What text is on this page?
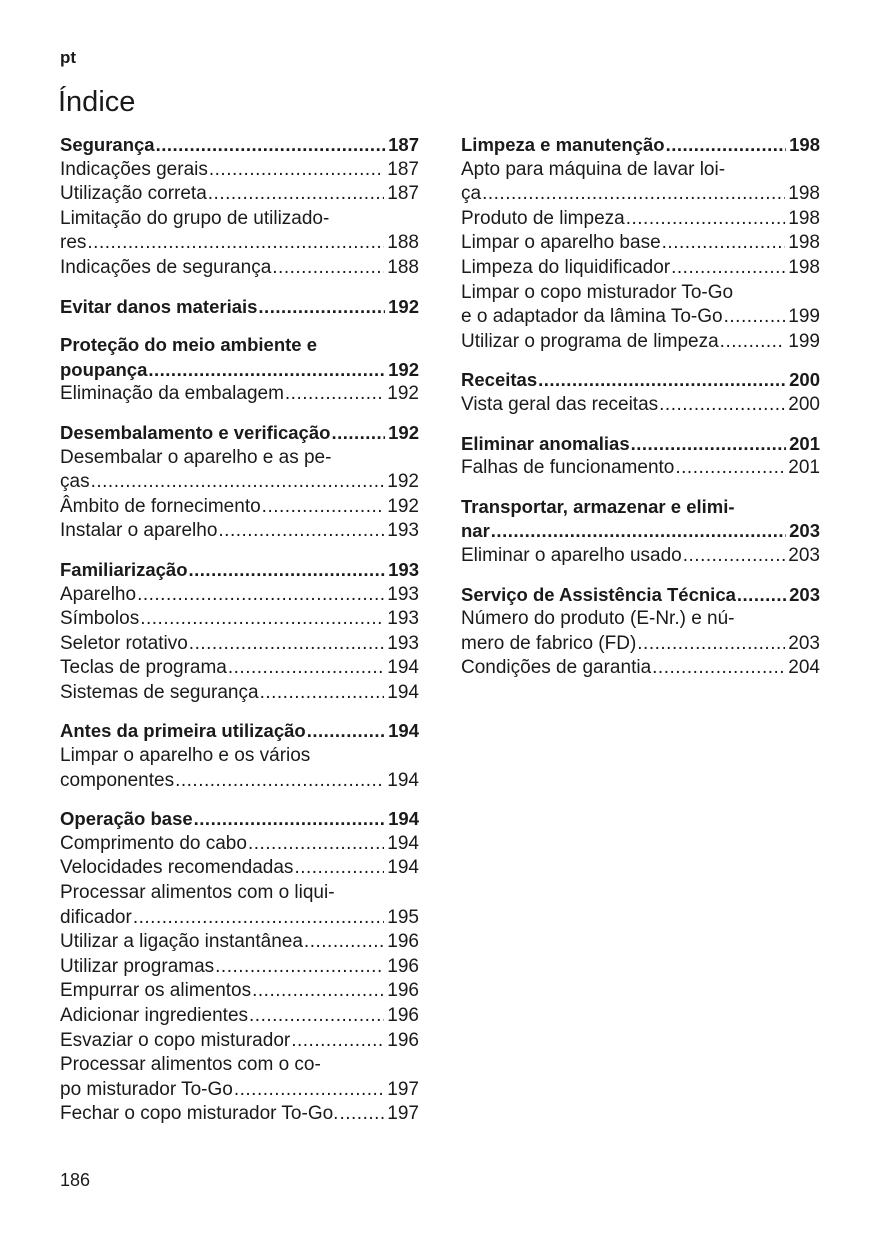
pt
Índice
Segurança .....	187
Indicações gerais .....	187
Utilização correta .....	187
Limitação do grupo de utilizado-
res .....	188
Indicações de segurança .....	188
Evitar danos materiais .....	192
Proteção do meio ambiente e
poupança .....	192
Eliminação da embalagem .....	192
Desembalamento e verificação .....	192
Desembalar o aparelho e as pe-
ças .....	192
Âmbito de fornecimento .....	192
Instalar o aparelho .....	193
Familiarização .....	193
Aparelho .....	193
Símbolos .....	193
Seletor rotativo .....	193
Teclas de programa .....	194
Sistemas de segurança .....	194
Antes da primeira utilização .....	194
Limpar o aparelho e os vários
componentes .....	194
Operação base .....	194
Comprimento do cabo .....	194
Velocidades recomendadas .....	194
Processar alimentos com o liqui-
dificador .....	195
Utilizar a ligação instantânea .....	196
Utilizar programas .....	196
Empurrar os alimentos .....	196
Adicionar ingredientes .....	196
Esvaziar o copo misturador .....	196
Processar alimentos com o co-
po misturador To-Go .....	197
Fechar o copo misturador To-Go. .....	197
Limpeza e manutenção .....	198
Apto para máquina de lavar loi-
ça .....	198
Produto de limpeza .....	198
Limpar o aparelho base .....	198
Limpeza do liquidificador .....	198
Limpar o copo misturador To-Go
e o adaptador da lâmina To-Go .....	199
Utilizar o programa de limpeza .....	199
Receitas .....	200
Vista geral das receitas .....	200
Eliminar anomalias .....	201
Falhas de funcionamento .....	201
Transportar, armazenar e elimi-
nar .....	203
Eliminar o aparelho usado .....	203
Serviço de Assistência Técnica .....	203
Número do produto (E-Nr.) e nú-
mero de fabrico (FD) .....	203
Condições de garantia .....	204
186
